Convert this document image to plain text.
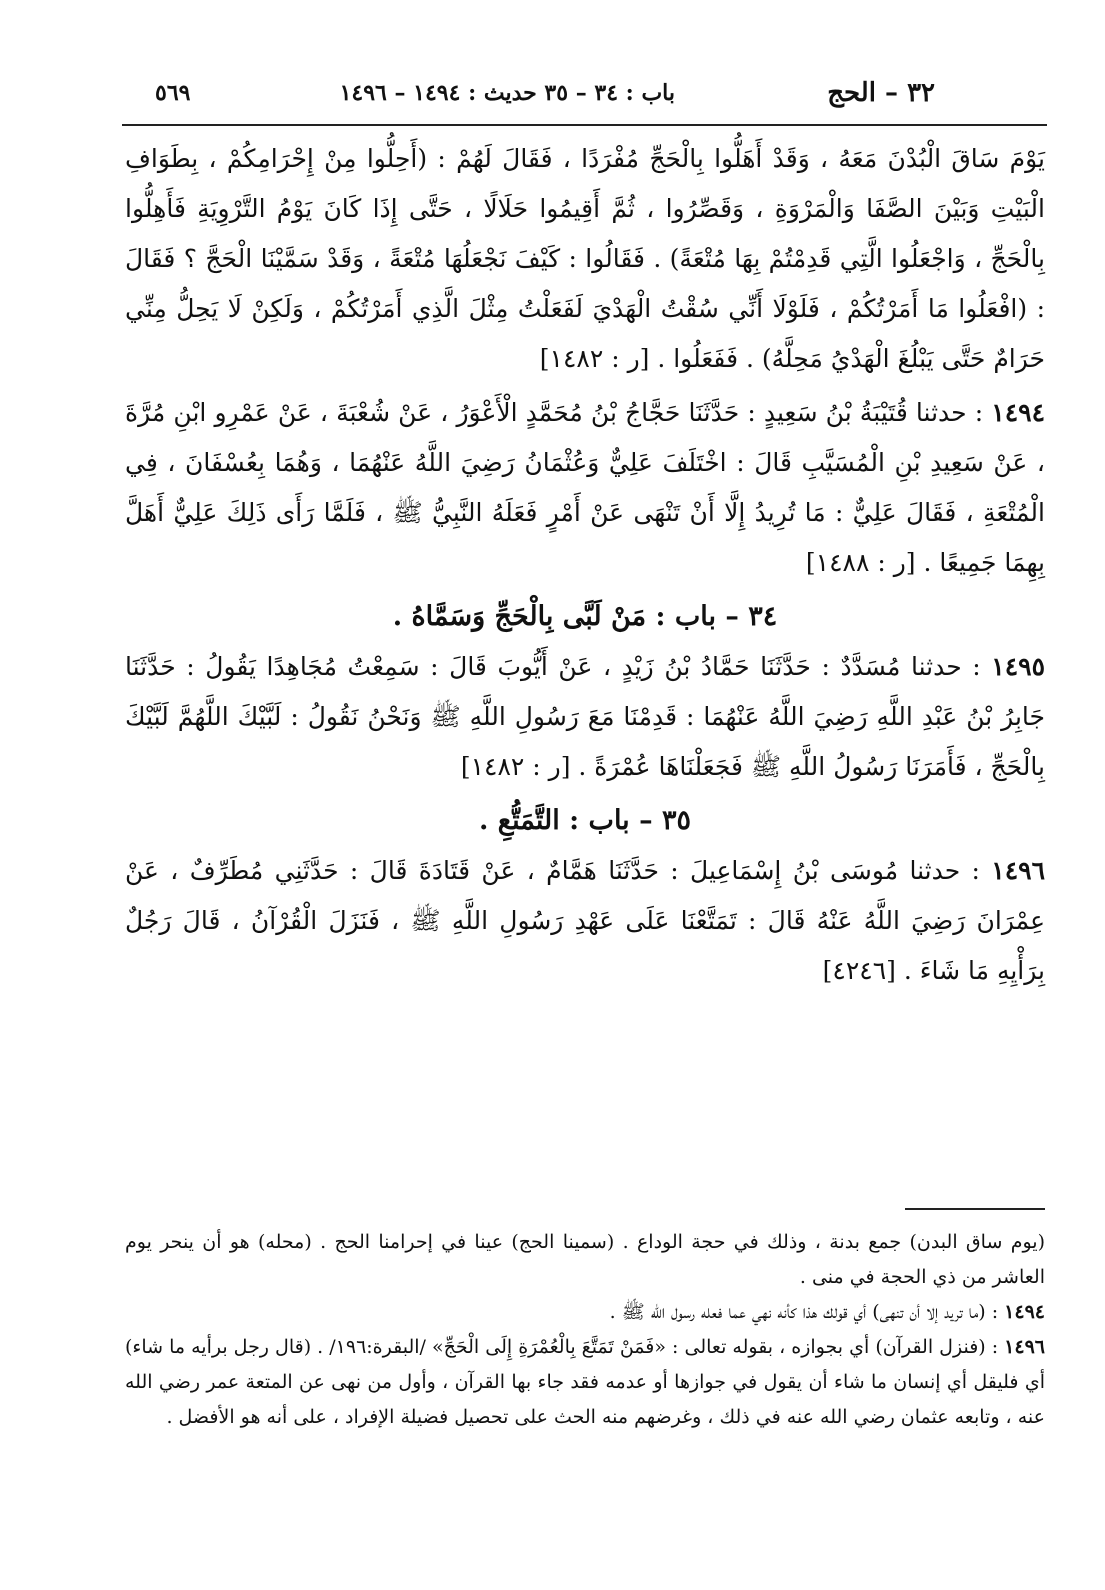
٣٢ – الحج
باب : ٣٤ – ٣٥ حديث : ١٤٩٤ – ١٤٩٦
٥٦٩

يَوْمَ سَاقَ الْبُدْنَ مَعَهُ ، وَقَدْ أَهَلُّوا بِالْحَجِّ مُفْرَدًا ، فَقَالَ لَهُمْ : (أَحِلُّوا مِنْ إِحْرَامِكُمْ ، بِطَوَافِ الْبَيْتِ وَبَيْنَ الصَّفَا وَالْمَرْوَةِ ، وَقَصِّرُوا ، ثُمَّ أَقِيمُوا حَلَالًا ، حَتَّى إِذَا كَانَ يَوْمُ التَّرْوِيَةِ فَأَهِلُّوا بِالْحَجِّ ، وَاجْعَلُوا الَّتِي قَدِمْتُمْ بِهَا مُتْعَةً) . فَقَالُوا : كَيْفَ نَجْعَلُهَا مُتْعَةً ، وَقَدْ سَمَّيْنَا الْحَجَّ ؟ فَقَالَ : (افْعَلُوا مَا أَمَرْتُكُمْ ، فَلَوْلَا أَنِّي سُقْتُ الْهَدْيَ لَفَعَلْتُ مِثْلَ الَّذِي أَمَرْتُكُمْ ، وَلَكِنْ لَا يَحِلُّ مِنِّي حَرَامٌ حَتَّى يَبْلُغَ الْهَدْيُ مَحِلَّهُ) . فَفَعَلُوا . [ر : ١٤٨٢]

١٤٩٤ : حدثنا قُتَيْبَةُ بْنُ سَعِيدٍ : حَدَّثَنَا حَجَّاجُ بْنُ مُحَمَّدٍ الْأَعْوَرُ ، عَنْ شُعْبَةَ ، عَنْ عَمْرِو ابْنِ مُرَّةَ ، عَنْ سَعِيدِ بْنِ الْمُسَيَّبِ قَالَ : اخْتَلَفَ عَلِيٌّ وَعُثْمَانُ رَضِيَ اللَّهُ عَنْهُمَا ، وَهُمَا بِعُسْفَانَ ، فِي الْمُتْعَةِ ، فَقَالَ عَلِيٌّ : مَا تُرِيدُ إِلَّا أَنْ تَنْهَى عَنْ أَمْرٍ فَعَلَهُ النَّبِيُّ ﷺ ، فَلَمَّا رَأَى ذَلِكَ عَلِيٌّ أَهَلَّ بِهِمَا جَمِيعًا . [ر : ١٤٨٨]

٣٤ – باب : مَنْ لَبَّى بِالْحَجِّ وَسَمَّاهُ .

١٤٩٥ : حدثنا مُسَدَّدٌ : حَدَّثَنَا حَمَّادُ بْنُ زَيْدٍ ، عَنْ أَيُّوبَ قَالَ : سَمِعْتُ مُجَاهِدًا يَقُولُ : حَدَّثَنَا جَابِرُ بْنُ عَبْدِ اللَّهِ رَضِيَ اللَّهُ عَنْهُمَا : قَدِمْنَا مَعَ رَسُولِ اللَّهِ ﷺ وَنَحْنُ نَقُولُ : لَبَّيْكَ اللَّهُمَّ لَبَّيْكَ بِالْحَجِّ ، فَأَمَرَنَا رَسُولُ اللَّهِ ﷺ فَجَعَلْنَاهَا عُمْرَةً . [ر : ١٤٨٢]

٣٥ – باب : التَّمَتُّعِ .

١٤٩٦ : حدثنا مُوسَى بْنُ إِسْمَاعِيلَ : حَدَّثَنَا هَمَّامٌ ، عَنْ قَتَادَةَ قَالَ : حَدَّثَنِي مُطَرِّفٌ ، عَنْ عِمْرَانَ رَضِيَ اللَّهُ عَنْهُ قَالَ : تَمَتَّعْنَا عَلَى عَهْدِ رَسُولِ اللَّهِ ﷺ ، فَنَزَلَ الْقُرْآنُ ، قَالَ رَجُلٌ بِرَأْيِهِ مَا شَاءَ . [٤٢٤٦]

(يوم ساق البدن) جمع بدنة ، وذلك في حجة الوداع . (سمينا الحج) عينا في إحرامنا الحج . (محله) هو أن ينحر يوم العاشر من ذي الحجة في منى .

١٤٩٤ : (ما تريد إلا أن تنهى) أي قولك هذا كأنه نهي عما فعله رسول الله ﷺ .

١٤٩٦ : (فنزل القرآن) أي بجوازه ، بقوله تعالى : «فَمَنْ تَمَتَّعَ بِالْعُمْرَةِ إِلَى الْحَجِّ» /البقرة:١٩٦/ . (قال رجل برأيه ما شاء) أي فليقل أي إنسان ما شاء أن يقول في جوازها أو عدمه فقد جاء بها القرآن ، وأول من نهى عن المتعة عمر رضي الله عنه ، وتابعه عثمان رضي الله عنه في ذلك ، وغرضهم منه الحث على تحصيل فضيلة الإفراد ، على أنه هو الأفضل .
